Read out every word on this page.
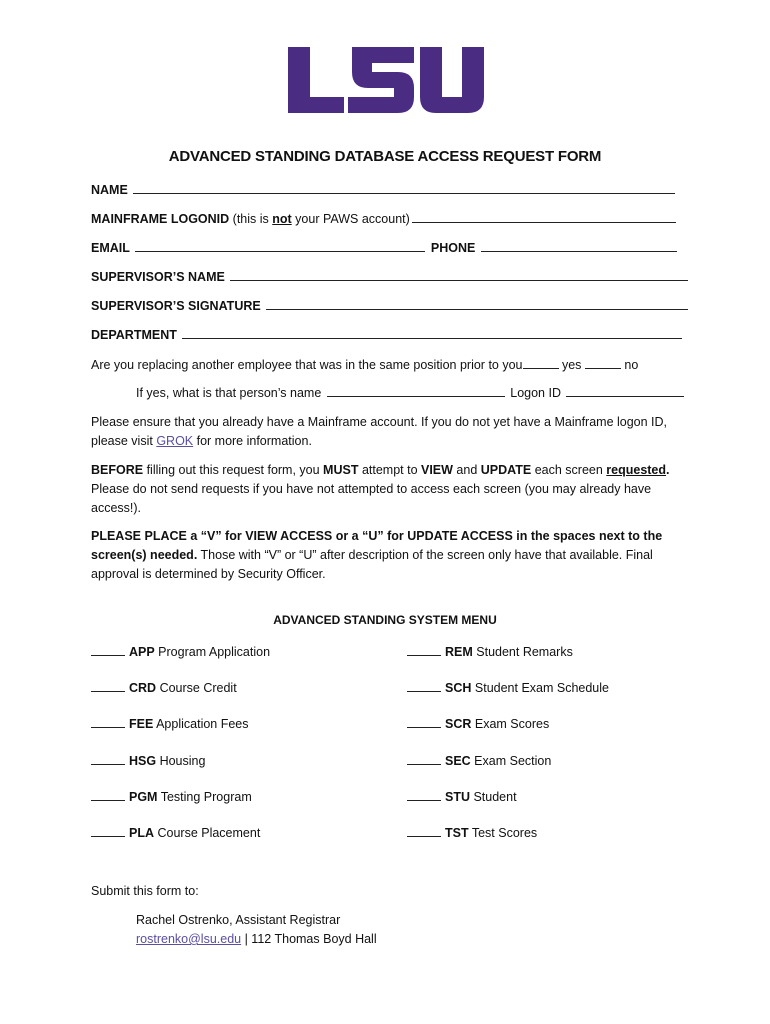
ADVANCED STANDING DATABASE ACCESS REQUEST FORM
NAME
MAINFRAME LOGONID (this is not your PAWS account)
EMAIL	PHONE
SUPERVISOR’S NAME
SUPERVISOR’S SIGNATURE
DEPARTMENT
Are you replacing another employee that was in the same position prior to you	yes	no
If yes, what is that person’s name	Logon ID
Please ensure that you already have a Mainframe account. If you do not yet have a Mainframe logon ID, please visit GROK for more information.
BEFORE filling out this request form, you MUST attempt to VIEW and UPDATE each screen requested. Please do not send requests if you have not attempted to access each screen (you may already have access!).
PLEASE PLACE a “V” for VIEW ACCESS or a “U” for UPDATE ACCESS in the spaces next to the screen(s) needed. Those with “V” or “U” after description of the screen only have that available. Final approval is determined by Security Officer.
ADVANCED STANDING SYSTEM MENU
APP Program Application
CRD Course Credit
FEE Application Fees
HSG Housing
PGM Testing Program
PLA Course Placement
REM Student Remarks
SCH Student Exam Schedule
SCR Exam Scores
SEC Exam Section
STU Student
TST Test Scores
Submit this form to:
Rachel Ostrenko, Assistant Registrar
rostrenko@lsu.edu | 112 Thomas Boyd Hall
